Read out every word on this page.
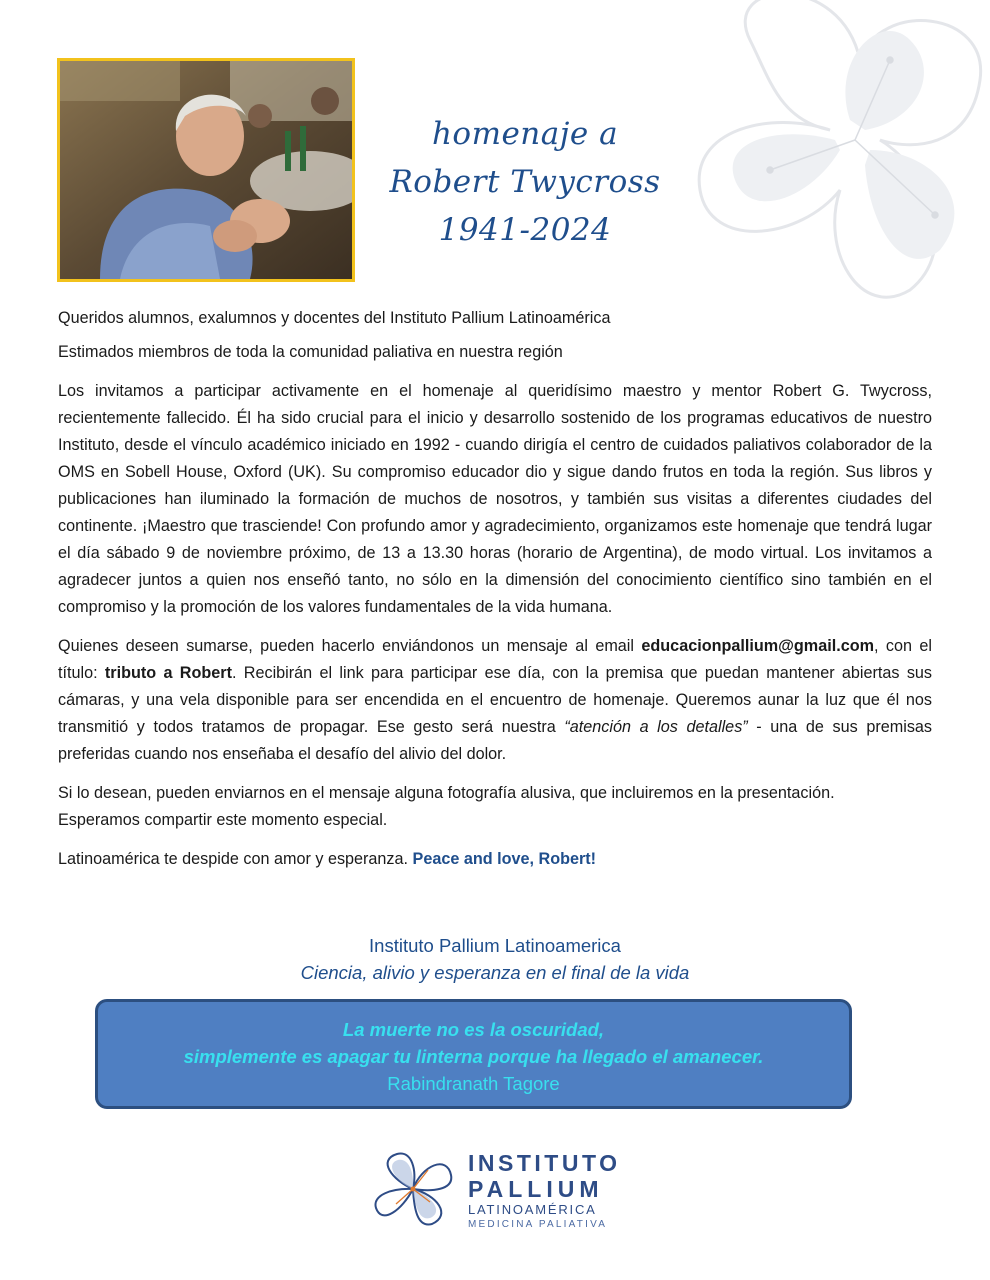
homenaje a
Robert Twycross
1941-2024

Queridos alumnos, exalumnos y docentes del Instituto Pallium Latinoamérica

Estimados miembros de toda la comunidad paliativa en nuestra región

Los invitamos a participar activamente en el homenaje al queridísimo maestro y mentor Robert G. Twycross, recientemente fallecido. Él ha sido crucial para el inicio y desarrollo sostenido de los programas educativos de nuestro Instituto, desde el vínculo académico iniciado en 1992 - cuando dirigía el centro de cuidados paliativos colaborador de la OMS en Sobell House, Oxford (UK). Su compromiso educador dio y sigue dando frutos en toda la región. Sus libros y publicaciones han iluminado la formación de muchos de nosotros, y también sus visitas a diferentes ciudades del continente. ¡Maestro que trasciende! Con profundo amor y agradecimiento, organizamos este homenaje que tendrá lugar el día sábado 9 de noviembre próximo, de 13 a 13.30 horas (horario de Argentina), de modo virtual. Los invitamos a agradecer juntos a quien nos enseñó tanto, no sólo en la dimensión del conocimiento científico sino también en el compromiso y la promoción de los valores fundamentales de la vida humana.

Quienes deseen sumarse, pueden hacerlo enviándonos un mensaje al email educacionpallium@gmail.com, con el título: tributo a Robert. Recibirán el link para participar ese día, con la premisa que puedan mantener abiertas sus cámaras, y una vela disponible para ser encendida en el encuentro de homenaje. Queremos aunar la luz que él nos transmitió y todos tratamos de propagar. Ese gesto será nuestra “atención a los detalles” - una de sus premisas preferidas cuando nos enseñaba el desafío del alivio del dolor.

Si lo desean, pueden enviarnos en el mensaje alguna fotografía alusiva, que incluiremos en la presentación.
Esperamos compartir este momento especial.

Latinoamérica te despide con amor y esperanza. Peace and love, Robert!

Instituto Pallium Latinoamerica
Ciencia, alivio y esperanza en el final de la vida
La muerte no es la oscuridad,
simplemente es apagar tu linterna porque ha llegado el amanecer.
Rabindranath Tagore
INSTITUTO
PALLIUM
LATINOAMÉRICA
MEDICINA PALIATIVA
